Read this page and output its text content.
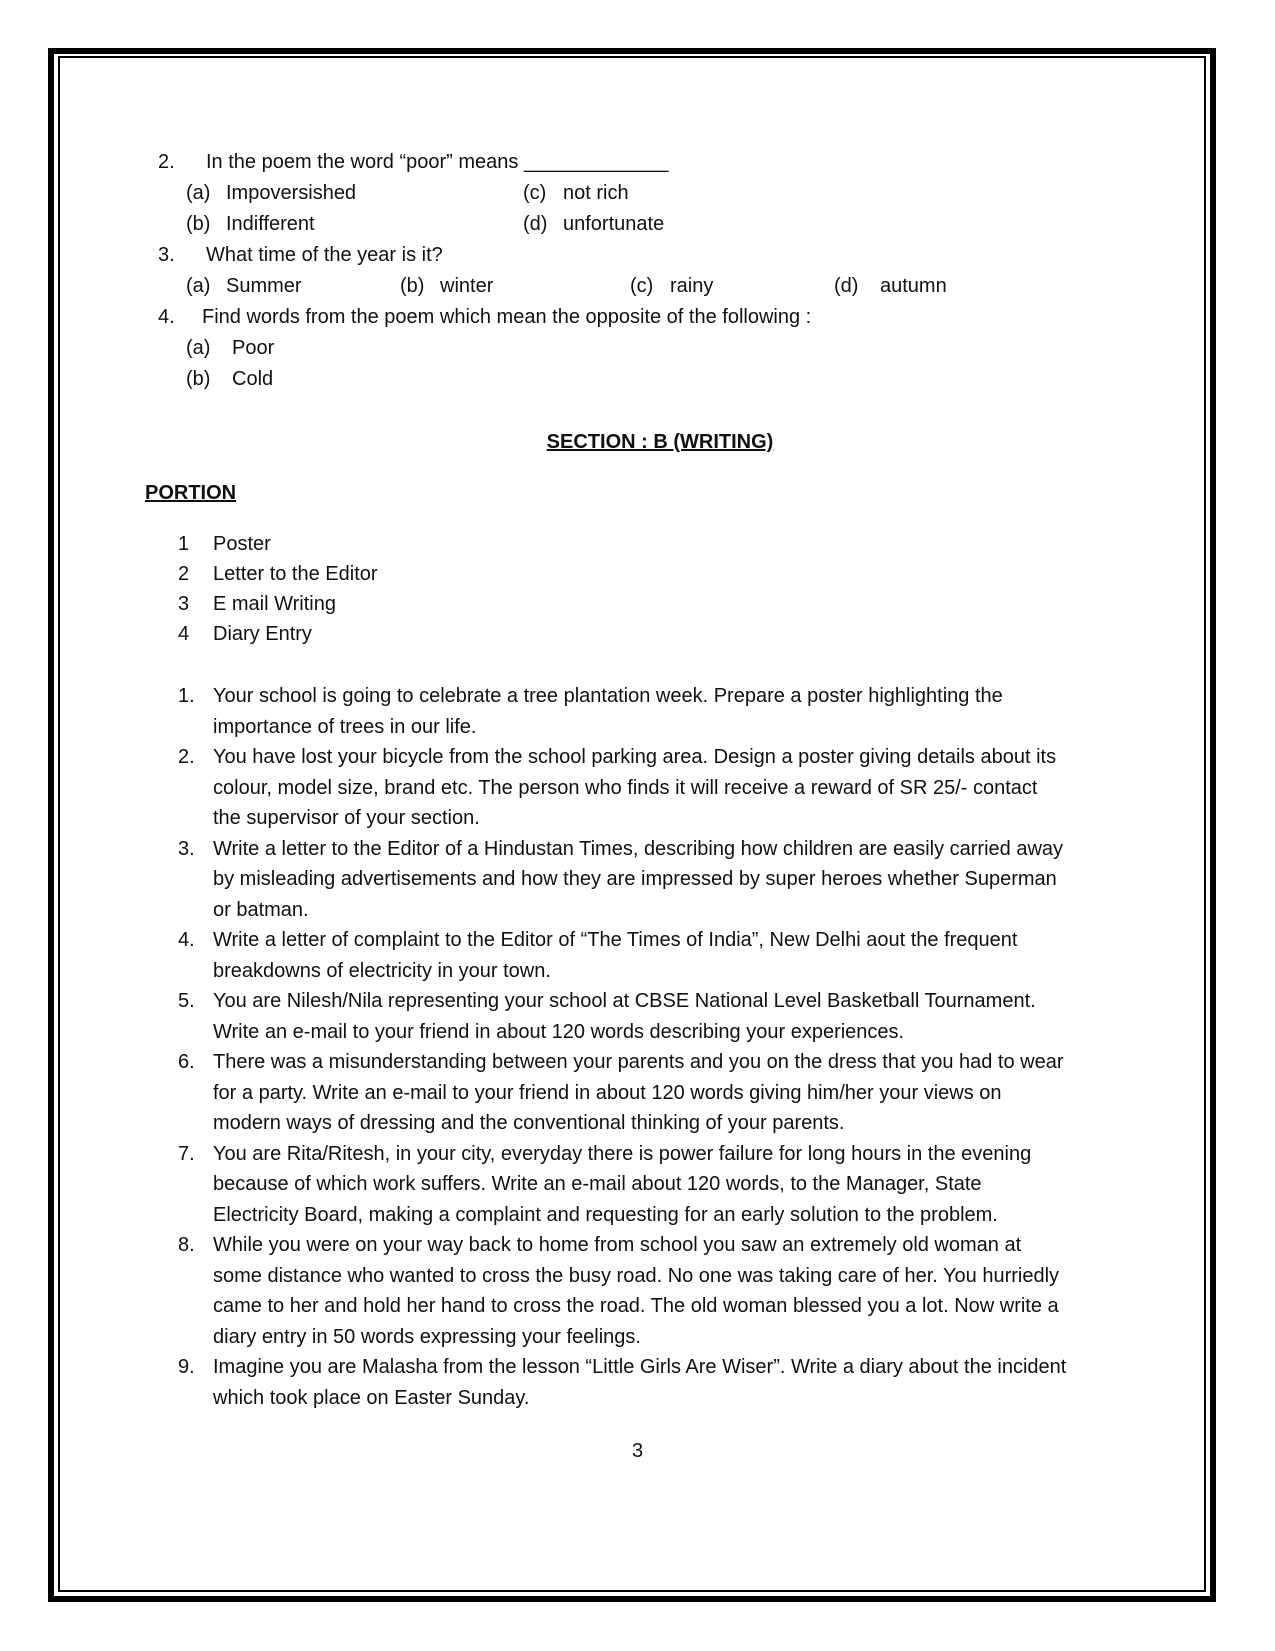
2. In the poem the word “poor” means _____________
(a) Impoversished	(c) not rich
(b) Indifferent	(d) unfortunate
3. What time of the year is it?
(a) Summer	(b) winter	(c) rainy	(d) autumn
4. Find words from the poem which mean the opposite of the following :
(a) Poor
(b) Cold
SECTION : B (WRITING)
PORTION
1 Poster
2 Letter to the Editor
3 E mail Writing
4 Diary Entry
1. Your school is going to celebrate a tree plantation week. Prepare a poster highlighting the importance of trees in our life.
2. You have lost your bicycle from the school parking area. Design a poster giving details about its colour, model size, brand etc. The person who finds it will receive a reward of SR 25/- contact the supervisor of your section.
3. Write a letter to the Editor of a Hindustan Times, describing how children are easily carried away by misleading advertisements and how they are impressed by super heroes whether Superman or batman.
4. Write a letter of complaint to the Editor of “The Times of India”, New Delhi aout the frequent breakdowns of electricity in your town.
5. You are Nilesh/Nila representing your school at CBSE National Level Basketball Tournament. Write an e-mail to your friend in about 120 words describing your experiences.
6. There was a misunderstanding between your parents and you on the dress that you had to wear for a party. Write an e-mail to your friend in about 120 words giving him/her your views on modern ways of dressing and the conventional thinking of your parents.
7. You are Rita/Ritesh, in your city, everyday there is power failure for long hours in the evening because of which work suffers. Write an e-mail about 120 words, to the Manager, State Electricity Board, making a complaint and requesting for an early solution to the problem.
8. While you were on your way back to home from school you saw an extremely old woman at some distance who wanted to cross the busy road. No one was taking care of her. You hurriedly came to her and hold her hand to cross the road. The old woman blessed you a lot. Now write a diary entry in 50 words expressing your feelings.
9. Imagine you are Malasha from the lesson “Little Girls Are Wiser”. Write a diary about the incident which took place on Easter Sunday.
3
